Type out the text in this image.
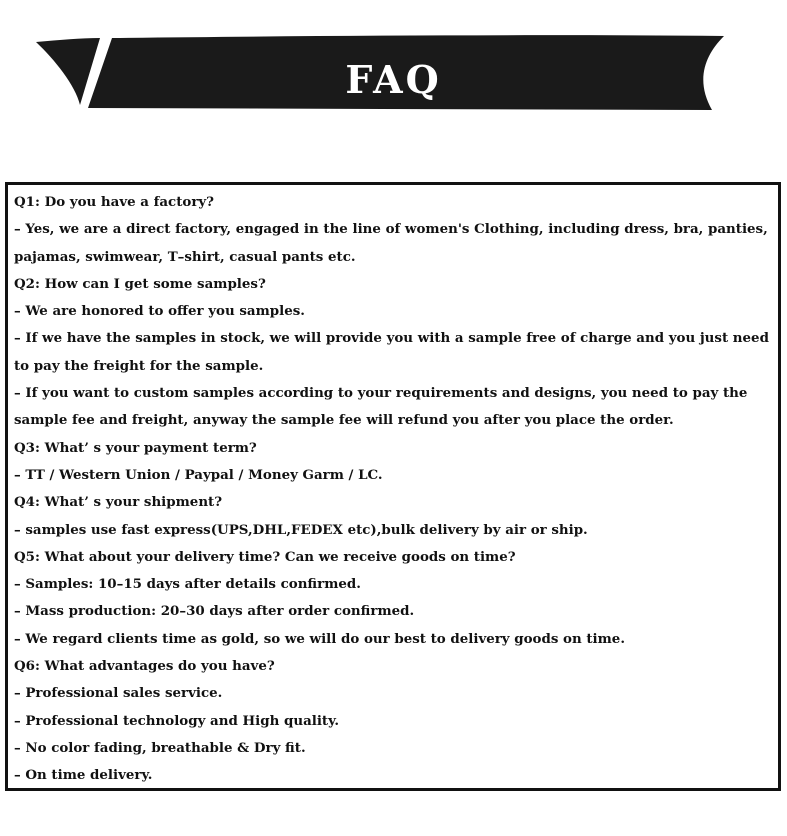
FAQ
Q1: Do you have a factory?
– Yes, we are a direct factory, engaged in the line of women's Clothing, including dress, bra, panties,
pajamas, swimwear, T–shirt, casual pants etc.
Q2: How can I get some samples?
– We are honored to offer you samples.
– If we have the samples in stock, we will provide you with a sample free of charge and you just need
to pay the freight for the sample.
– If you want to custom samples according to your requirements and designs, you need to pay the
sample fee and freight, anyway the sample fee will refund you after you place the order.
Q3: What’ s your payment term?
– TT / Western Union / Paypal / Money Garm / LC.
Q4: What’ s your shipment?
– samples use fast express(UPS,DHL,FEDEX etc),bulk delivery by air or ship.
Q5: What about your delivery time? Can we receive goods on time?
– Samples: 10–15 days after details confirmed.
– Mass production: 20–30 days after order confirmed.
– We regard clients time as gold, so we will do our best to delivery goods on time.
Q6: What advantages do you have?
– Professional sales service.
– Professional technology and High quality.
– No color fading, breathable & Dry fit.
– On time delivery.
